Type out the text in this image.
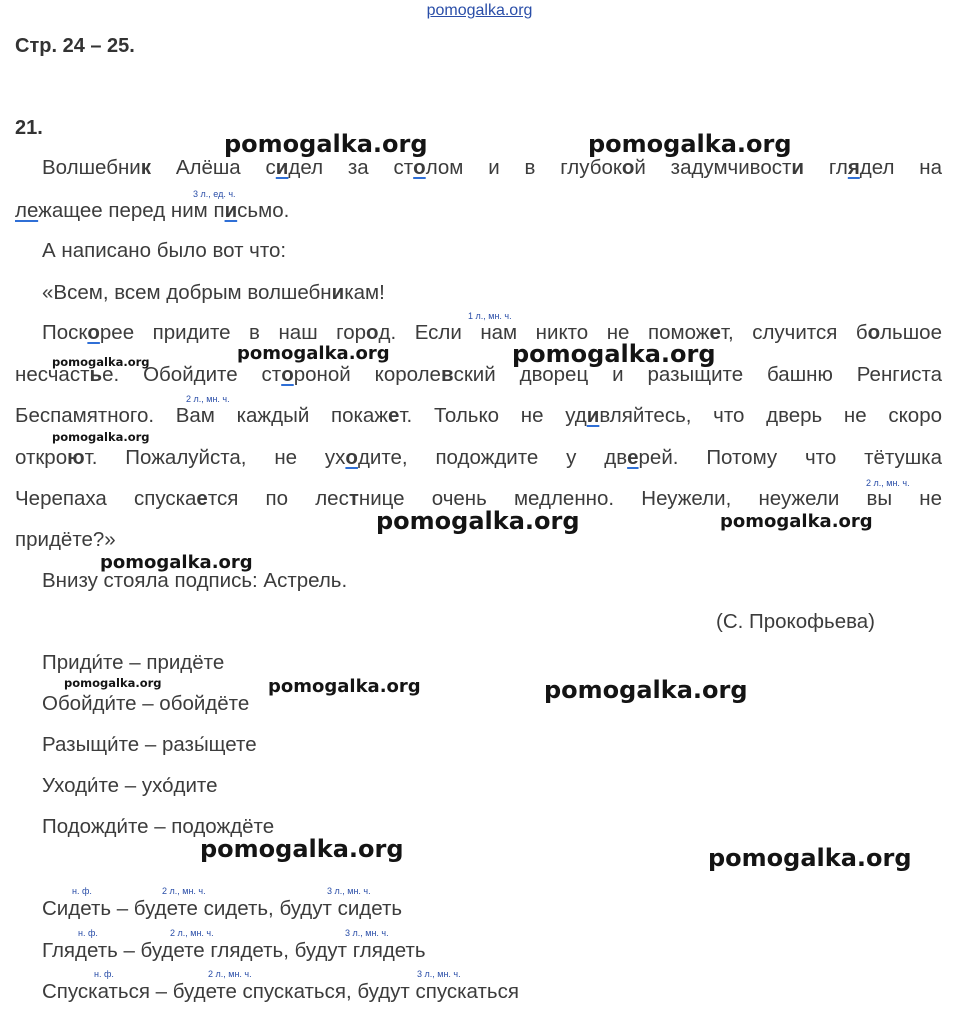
pomogalka.org
Стр. 24 – 25.
21.
Волшебник Алёша сидел за столом и в глубокой задумчивости глядел на
3 л., ед. ч.
лежащее перед ним письмо.
А написано было вот что:
«Всем, всем добрым волшебникам!
1 л., мн. ч.
Поскорее придите в наш город. Если нам никто не поможет, случится большое
несчастье. Обойдите стороной королевский дворец и разыщите башню Ренгиста
2 л., мн. ч.
Беспамятного. Вам каждый покажет. Только не удивляйтесь, что дверь не скоро
откроют. Пожалуйста, не уходите, подождите у дверей. Потому что тётушка
2 л., мн. ч.
Черепаха спускается по лестнице очень медленно. Неужели, неужели вы не
придёте?»
Внизу стояла подпись: Астрель.
(С. Прокофьева)
Приди́те – придёте
Обойди́те – обойдёте
Разыщи́те – разы́щете
Уходи́те – ухо́дите
Подожди́те – подождёте
н. ф.	2 л., мн. ч.	3 л., мн. ч.
Сидеть – будете сидеть, будут сидеть
н. ф.	2 л., мн. ч.	3 л., мн. ч.
Глядеть – будете глядеть, будут глядеть
н. ф.	2 л., мн. ч.	3 л., мн. ч.
Спускаться – будете спускаться, будут спускаться
pomogalka.org	pomogalka.org
pomogalka.org	pomogalka.org	pomogalka.org
pomogalka.org
pomogalka.org	pomogalka.org
pomogalka.org
pomogalka.org	pomogalka.org	pomogalka.org
pomogalka.org	pomogalka.org
